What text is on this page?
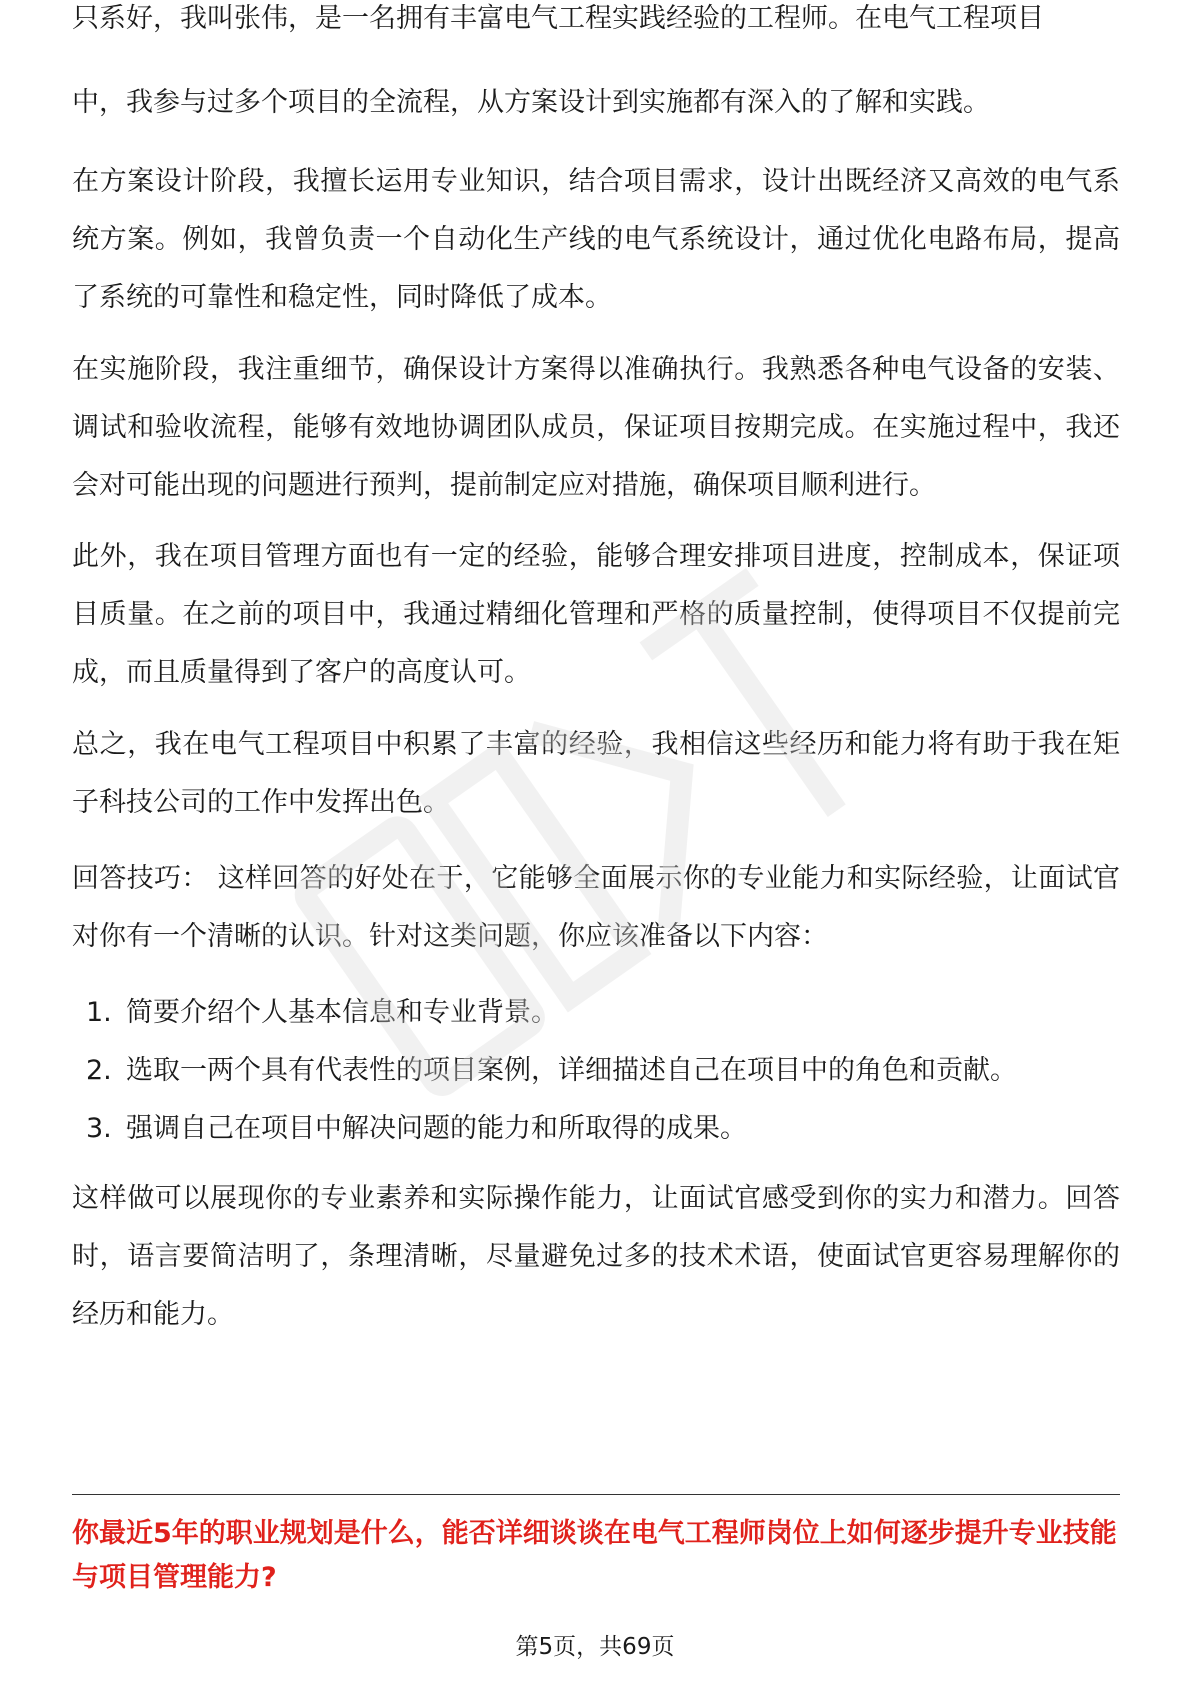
只系好，我叫张伟，是一名拥有丰富电气工程实践经验的工程师。在电气工程项目

中，我参与过多个项目的全流程，从方案设计到实施都有深入的了解和实践。

在方案设计阶段，我擅长运用专业知识，结合项目需求，设计出既经济又高效的电气系统方案。例如，我曾负责一个自动化生产线的电气系统设计，通过优化电路布局，提高了系统的可靠性和稳定性，同时降低了成本。

在实施阶段，我注重细节，确保设计方案得以准确执行。我熟悉各种电气设备的安装、调试和验收流程，能够有效地协调团队成员，保证项目按期完成。在实施过程中，我还会对可能出现的问题进行预判，提前制定应对措施，确保项目顺利进行。

此外，我在项目管理方面也有一定的经验，能够合理安排项目进度，控制成本，保证项目质量。在之前的项目中，我通过精细化管理和严格的质量控制，使得项目不仅提前完成，而且质量得到了客户的高度认可。

总之，我在电气工程项目中积累了丰富的经验，我相信这些经历和能力将有助于我在矩子科技公司的工作中发挥出色。

回答技巧： 这样回答的好处在于，它能够全面展示你的专业能力和实际经验，让面试官对你有一个清晰的认识。针对这类问题，你应该准备以下内容：

1. 简要介绍个人基本信息和专业背景。
2. 选取一两个具有代表性的项目案例，详细描述自己在项目中的角色和贡献。
3. 强调自己在项目中解决问题的能力和所取得的成果。

这样做可以展现你的专业素养和实际操作能力，让面试官感受到你的实力和潜力。回答时，语言要简洁明了，条理清晰，尽量避免过多的技术术语，使面试官更容易理解你的经历和能力。

你最近5年的职业规划是什么，能否详细谈谈在电气工程师岗位上如何逐步提升专业技能与项目管理能力?
第5页，共69页
